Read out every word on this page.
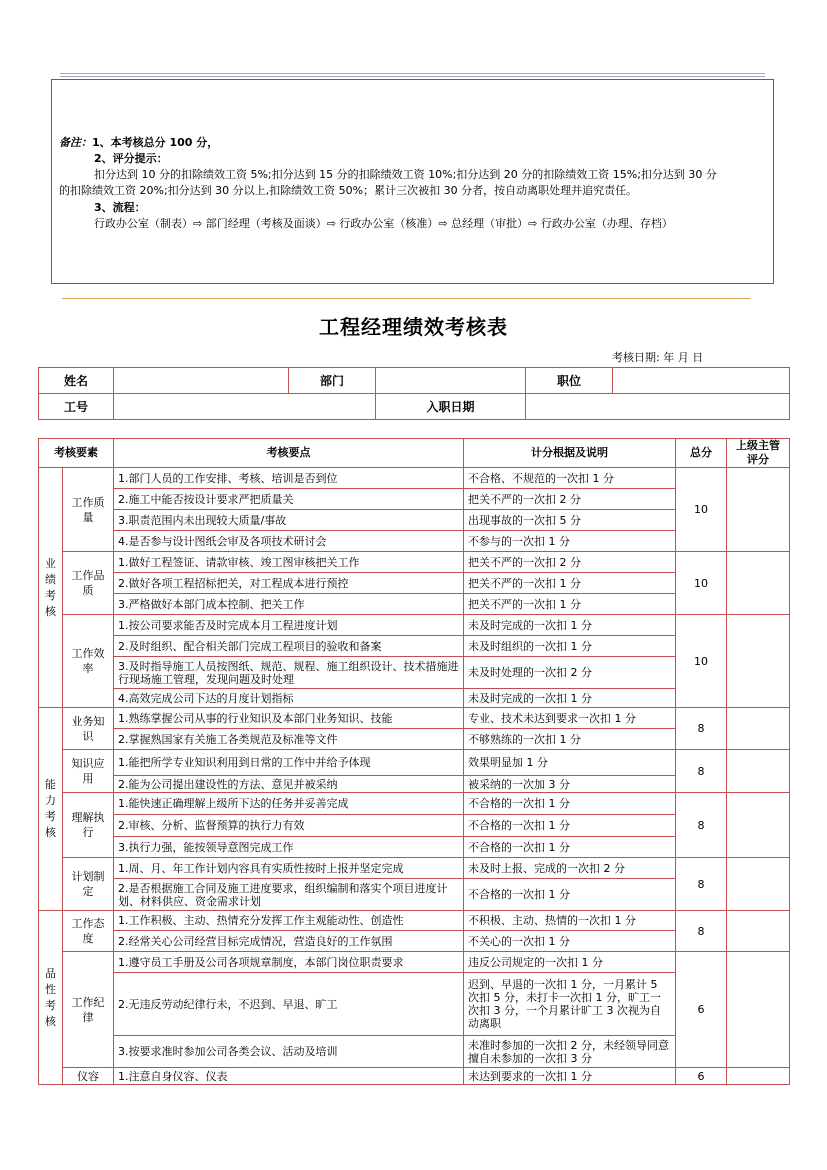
备注：1、本考核总分 100 分，
2、评分提示：
扣分达到 10 分的扣除绩效工资 5%;扣分达到 15 分的扣除绩效工资 10%;扣分达到 20 分的扣除绩效工资 15%;扣分达到 30 分
的扣除绩效工资 20%;扣分达到 30 分以上,扣除绩效工资 50%；累计三次被扣 30 分者，按自动离职处理并追究责任。
3、流程：
行政办公室（制表）⇨ 部门经理（考核及面谈）⇨ 行政办公室（核准）⇨ 总经理（审批）⇨ 行政办公室（办理、存档）
工程经理绩效考核表
考核日期: 年 月 日
姓名		部门		职位	
工号			入职日期		
考核要素		考核要点	计分根据及说明	总分	上级主管评分
业绩考核	工作质量	1.部门人员的工作安排、考核、培训是否到位	不合格、不规范的一次扣 1 分	10	
		2.施工中能否按设计要求严把质量关	把关不严的一次扣 2 分		
		3.职责范围内未出现较大质量/事故	出现事故的一次扣 5 分		
		4.是否参与设计图纸会审及各项技术研讨会	不参与的一次扣 1 分		
	工作品质	1.做好工程签证、请款审核、竣工图审核把关工作	把关不严的一次扣 2 分	10	
		2.做好各项工程招标把关，对工程成本进行预控	把关不严的一次扣 1 分		
		3.严格做好本部门成本控制、把关工作	把关不严的一次扣 1 分		
	工作效率	1.按公司要求能否及时完成本月工程进度计划	未及时完成的一次扣 1 分	10	
		2.及时组织、配合相关部门完成工程项目的验收和备案	未及时组织的一次扣 1 分		
		3.及时指导施工人员按图纸、规范、规程、施工组织设计、技术措施进行现场施工管理，发现问题及时处理	未及时处理的一次扣 2 分		
		4.高效完成公司下达的月度计划指标	未及时完成的一次扣 1 分		
能力考核	业务知识	1.熟练掌握公司从事的行业知识及本部门业务知识、技能	专业、技术未达到要求一次扣 1 分	8	
		2.掌握熟国家有关施工各类规范及标准等文件	不够熟练的一次扣 1 分		
	知识应用	1.能把所学专业知识利用到日常的工作中并给予体现	效果明显加 1 分	8	
		2.能为公司提出建设性的方法、意见并被采纳	被采纳的一次加 3 分		
	理解执行	1.能快速正确理解上级所下达的任务并妥善完成	不合格的一次扣 1 分	8	
		2.审核、分析、监督预算的执行力有效	不合格的一次扣 1 分		
		3.执行力强，能按领导意图完成工作	不合格的一次扣 1 分		
	计划制定	1.周、月、年工作计划内容具有实质性按时上报并坚定完成	未及时上报、完成的一次扣 2 分	8	
		2.是否根据施工合同及施工进度要求，组织编制和落实个项目进度计划、材料供应、资金需求计划	不合格的一次扣 1 分		
品性考核	工作态度	1.工作积极、主动、热情充分发挥工作主观能动性、创造性	不积极、主动、热情的一次扣 1 分	8	
		2.经常关心公司经营目标完成情况，营造良好的工作氛围	不关心的一次扣 1 分		
	工作纪律	1.遵守员工手册及公司各项规章制度，本部门岗位职责要求	违反公司规定的一次扣 1 分	6	
		2.无违反劳动纪律行未，不迟到、早退、旷工	迟到、早退的一次扣 1 分，一月累计 5 次扣 5 分，未打卡一次扣 1 分，旷工一次扣 3 分，一个月累计旷工 3 次视为自动离职		
		3.按要求准时参加公司各类会议、活动及培训	未准时参加的一次扣 2 分，未经领导同意擅自未参加的一次扣 3 分		
	仪容	1.注意自身仪容、仪表	未达到要求的一次扣 1 分	6	
